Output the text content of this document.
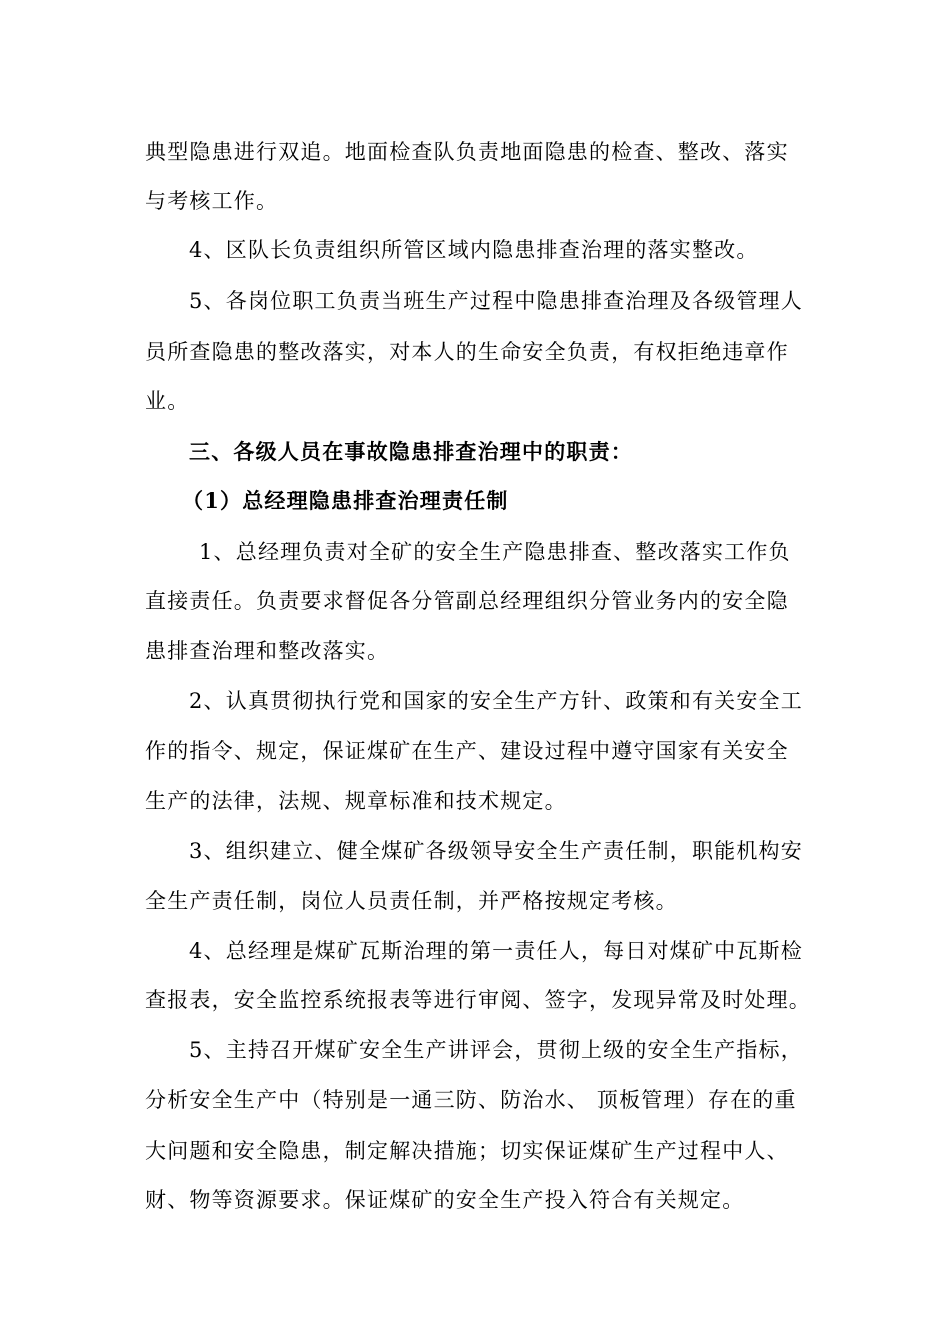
典型隐患进行双追。地面检查队负责地面隐患的检查、整改、落实
与考核工作。
4、区队长负责组织所管区域内隐患排查治理的落实整改。
5、各岗位职工负责当班生产过程中隐患排查治理及各级管理人
员所查隐患的整改落实，对本人的生命安全负责，有权拒绝违章作
业。
三、各级人员在事故隐患排查治理中的职责：
（1）总经理隐患排查治理责任制
1、总经理负责对全矿的安全生产隐患排查、整改落实工作负
直接责任。负责要求督促各分管副总经理组织分管业务内的安全隐
患排查治理和整改落实。
2、认真贯彻执行党和国家的安全生产方针、政策和有关安全工
作的指令、规定，保证煤矿在生产、建设过程中遵守国家有关安全
生产的法律，法规、规章标准和技术规定。
3、组织建立、健全煤矿各级领导安全生产责任制，职能机构安
全生产责任制，岗位人员责任制，并严格按规定考核。
4、总经理是煤矿瓦斯治理的第一责任人，每日对煤矿中瓦斯检
查报表，安全监控系统报表等进行审阅、签字，发现异常及时处理。
5、主持召开煤矿安全生产讲评会，贯彻上级的安全生产指标，
分析安全生产中（特别是一通三防、防治水、 顶板管理）存在的重
大问题和安全隐患，制定解决措施；切实保证煤矿生产过程中人、
财、物等资源要求。保证煤矿的安全生产投入符合有关规定。
